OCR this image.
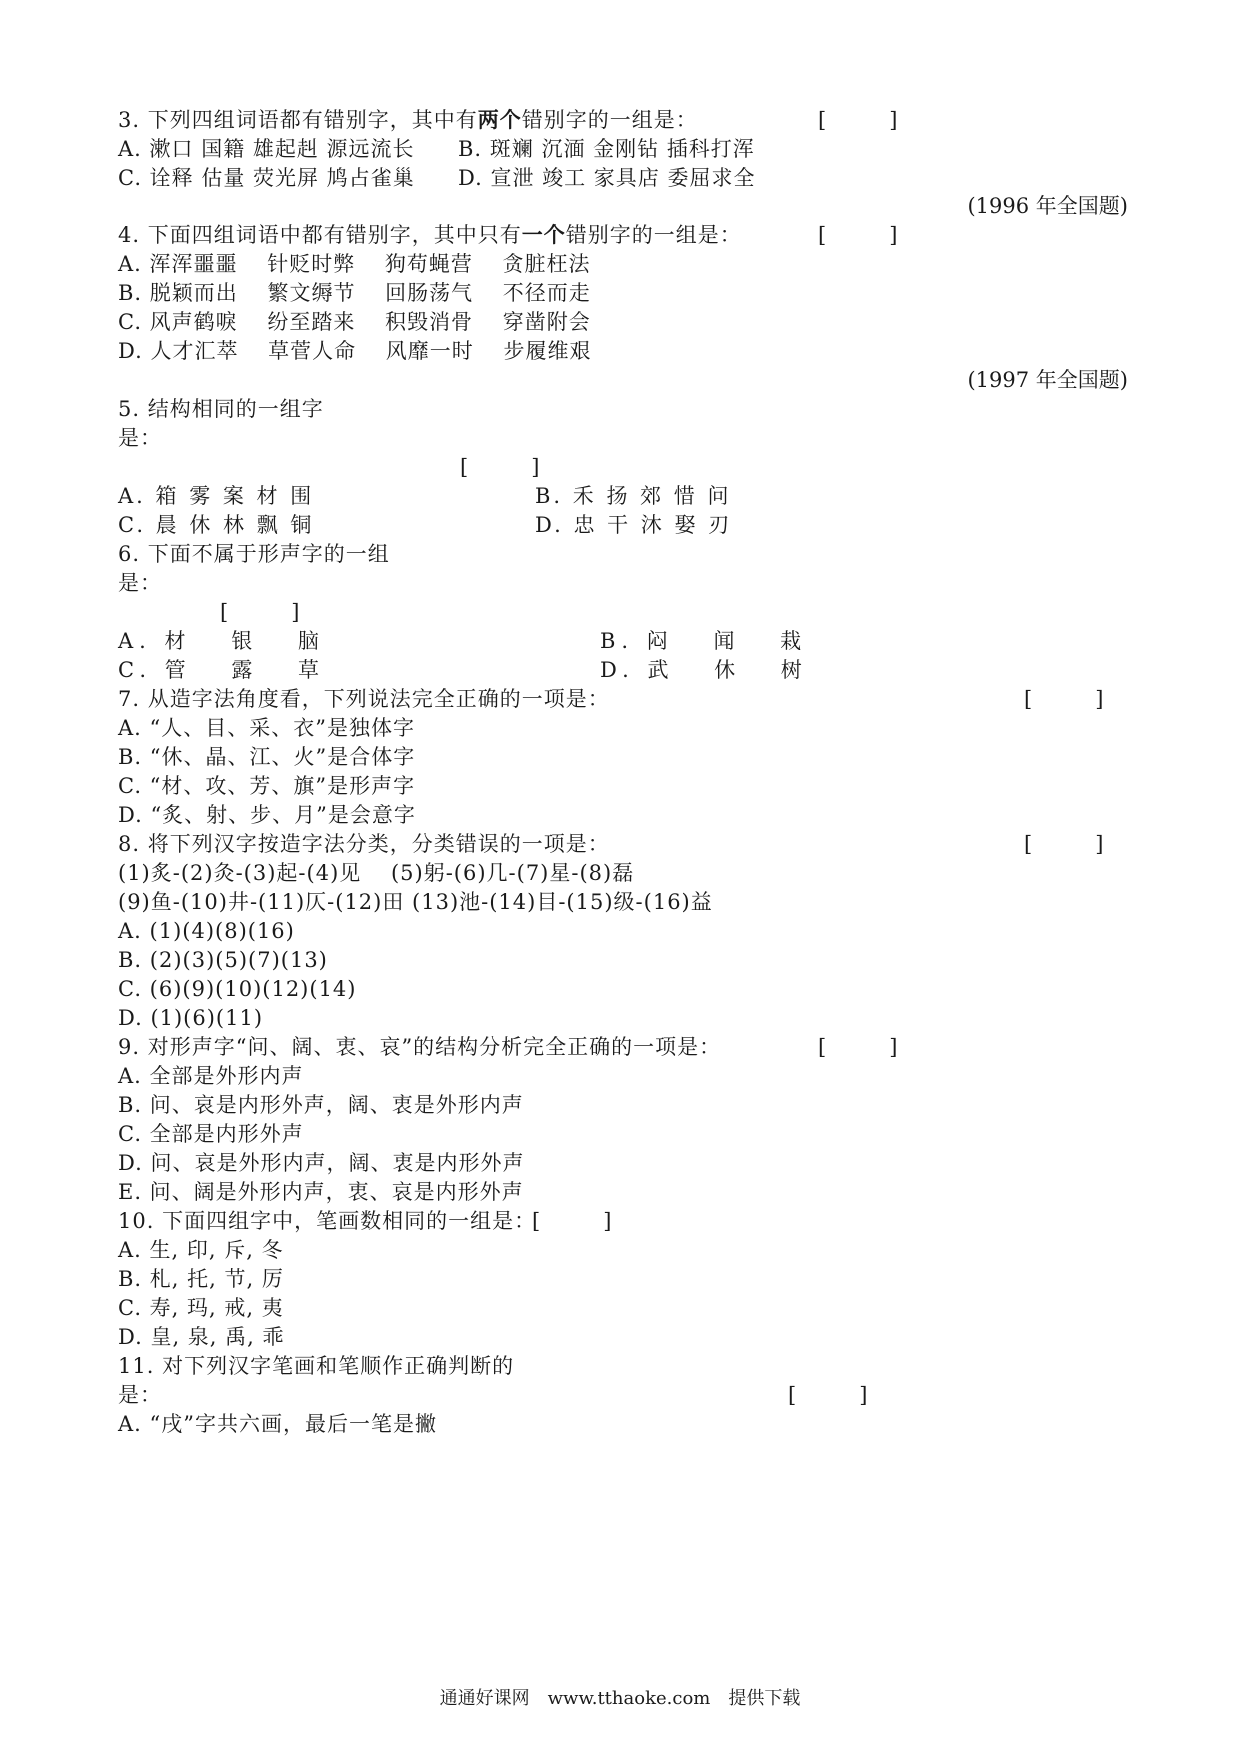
3. 下列四组词语都有错别字，其中有两个错别字的一组是：	[　　　]
A. 漱口 国籍 雄起赳 源远流长 B. 斑斓 沉湎 金刚钻 插科打浑
C. 诠释 估量 荧光屏 鸠占雀巢 D. 宣泄 竣工 家具店 委屈求全
(1996 年全国题)
4. 下面四组词语中都有错别字，其中只有一个错别字的一组是：	[　　　]
A. 浑浑噩噩　 针贬时弊　 狗苟蝇营　 贪脏枉法
B. 脱颖而出　 繁文缛节　 回肠荡气　 不径而走
C. 风声鹤唳　 纷至踏来　 积毁消骨　 穿凿附会
D. 人才汇萃　 草菅人命　 风靡一时　 步履维艰
(1997 年全国题)
5. 结构相同的一组字
是：
[　　　]
A. 箱 雾 案 材 围	B. 禾 扬 郊 惜 问
C. 晨 休 林 飘 铜	D. 忠 干 沐 娶 刃
6. 下面不属于形声字的一组
是：
[　　　]
A. 材　 银　 脑	B. 闷　 闻　 栽
C. 管　 露　 草	D. 武　 休　 树
7. 从造字法角度看，下列说法完全正确的一项是：	[　　　]
A. “人、目、采、衣”是独体字
B. “休、晶、江、火”是合体字
C. “材、攻、芳、旗”是形声字
D. “炙、射、步、月”是会意字
8. 将下列汉字按造字法分类，分类错误的一项是：	[　　　]
(1)炙-(2)灸-(3)起-(4)见　 (5)躬-(6)几-(7)星-(8)磊
(9)鱼-(10)井-(11)仄-(12)田 (13)池-(14)目-(15)级-(16)益
A. (1)(4)(8)(16)
B. (2)(3)(5)(7)(13)
C. (6)(9)(10)(12)(14)
D. (1)(6)(11)
9. 对形声字“问、阔、衷、哀”的结构分析完全正确的一项是：	[　　　]
A. 全部是外形内声
B. 问、哀是内形外声，阔、衷是外形内声
C. 全部是内形外声
D. 问、哀是外形内声，阔、衷是内形外声
E. 问、阔是外形内声，衷、哀是内形外声
10. 下面四组字中，笔画数相同的一组是：
[　　　]
A. 生, 印, 斥, 冬
B. 札, 托, 节, 厉
C. 寿, 玛, 戒, 夷
D. 皇, 泉, 禹, 乖
11. 对下列汉字笔画和笔顺作正确判断的
是：	[　　　]
A. “戌”字共六画，最后一笔是撇
通通好课网　www.tthaoke.com　提供下载
